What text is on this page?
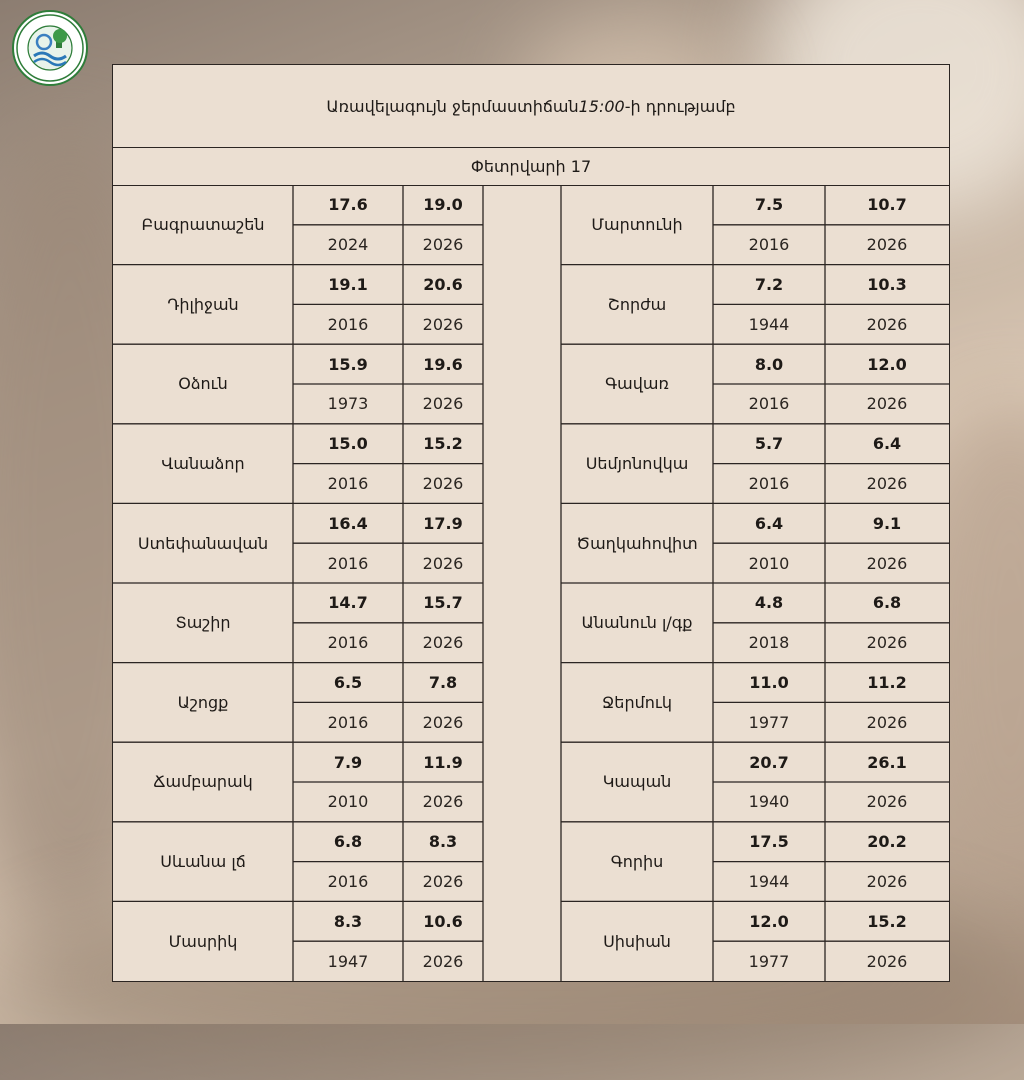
Առավելագույն ջերմաստիճան 15:00 -ի դրությամբ
Փետրվարի 17
Բագրատաշեն
17.6	19.0
2024	2026
Դիլիջան
19.1	20.6
2016	2026
Օձուն
15.9	19.6
1973	2026
Վանաձոր
15.0	15.2
2016	2026
Ստեփանավան
16.4	17.9
2016	2026
Տաշիր
14.7	15.7
2016	2026
Աշոցք
6.5	7.8
2016	2026
Ճամբարակ
7.9	11.9
2010	2026
Սևանա լճ
6.8	8.3
2016	2026
Մասրիկ
8.3	10.6
1947	2026
Մարտունի
7.5	10.7
2016	2026
Շորժա
7.2	10.3
1944	2026
Գավառ
8.0	12.0
2016	2026
Սեմյոնովկա
5.7	6.4
2016	2026
Ծաղկահովիտ
6.4	9.1
2010	2026
Անանուն լ/գք
4.8	6.8
2018	2026
Ջերմուկ
11.0	11.2
1977	2026
Կապան
20.7	26.1
1940	2026
Գորիս
17.5	20.2
1944	2026
Սիսիան
12.0	15.2
1977	2026
